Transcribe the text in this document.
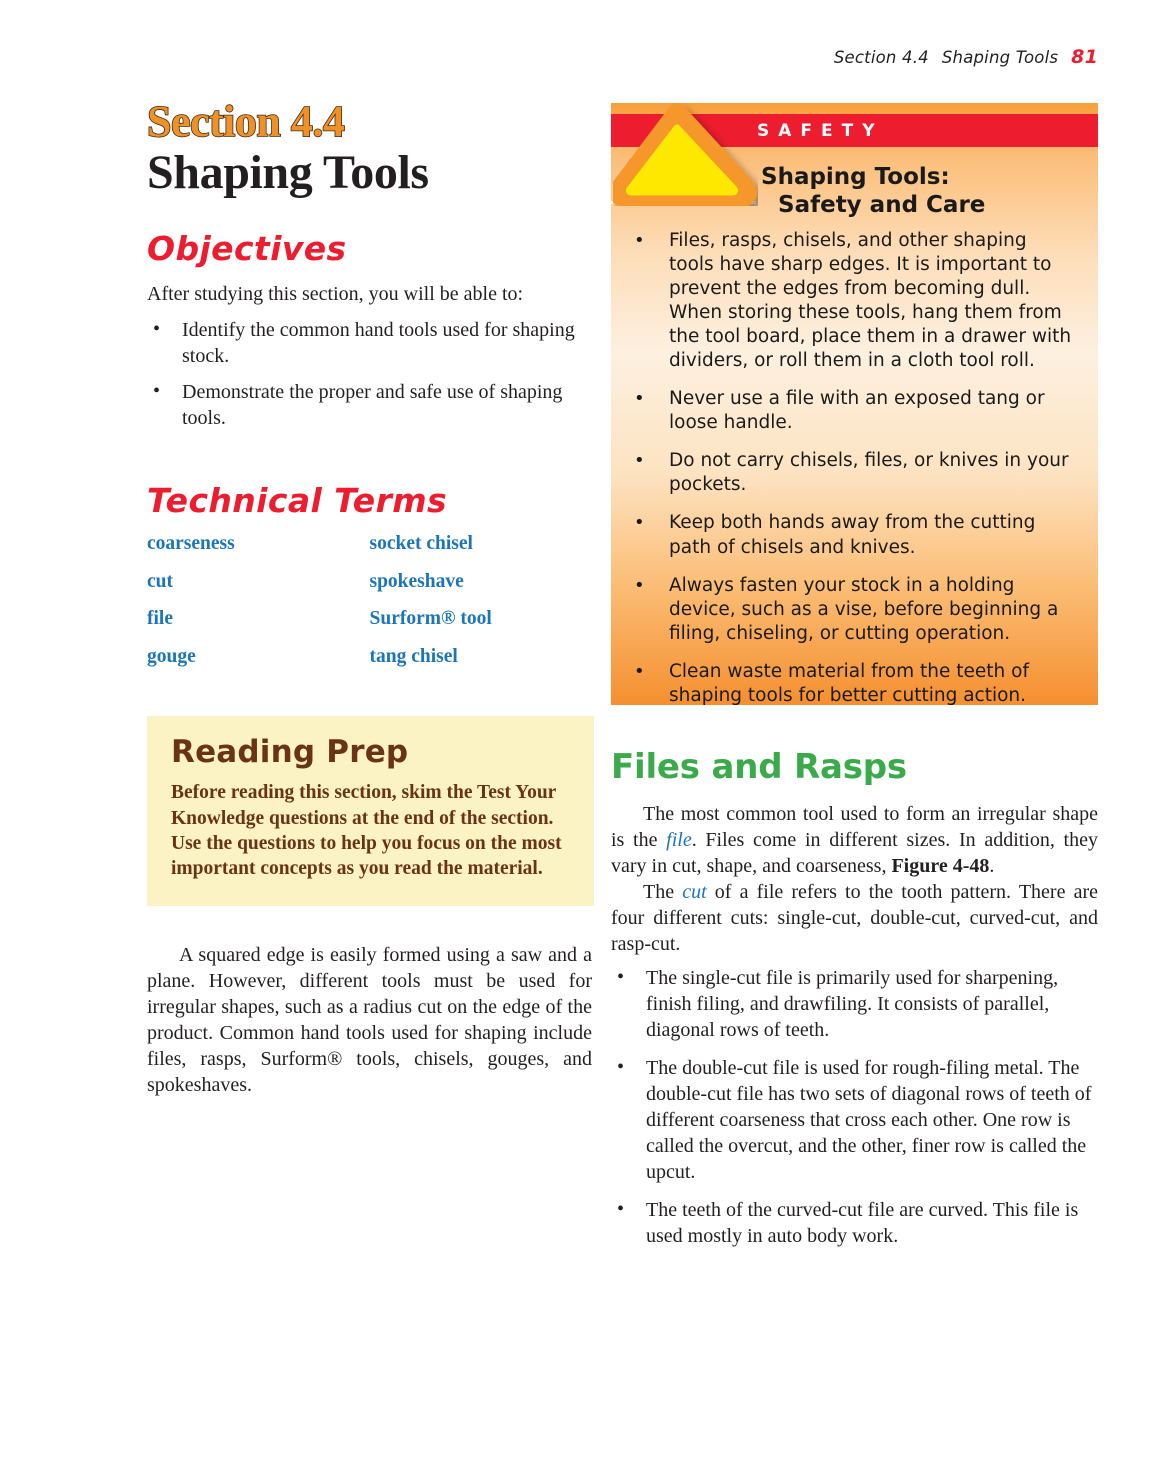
Section 4.4 Shaping Tools 81
Section 4.4
Shaping Tools
Objectives

After studying this section, you will be able to:

• Identify the common hand tools used for shaping stock.
• Demonstrate the proper and safe use of shaping tools.
Technical Terms
coarseness
cut
file
gouge
socket chisel
spokeshave
Surform® tool
tang chisel
Reading Prep

Before reading this section, skim the Test Your Knowledge questions at the end of the section. Use the questions to help you focus on the most important concepts as you read the material.

A squared edge is easily formed using a saw and a plane. However, different tools must be used for irregular shapes, such as a radius cut on the edge of the product. Common hand tools used for shaping include files, rasps, Surform® tools, chisels, gouges, and spokeshaves.

SAFETY
Shaping Tools:
Safety and Care
• Files, rasps, chisels, and other shaping tools have sharp edges. It is important to prevent the edges from becoming dull. When storing these tools, hang them from the tool board, place them in a drawer with dividers, or roll them in a cloth tool roll.
• Never use a file with an exposed tang or loose handle.
• Do not carry chisels, files, or knives in your pockets.
• Keep both hands away from the cutting path of chisels and knives.
• Always fasten your stock in a holding device, such as a vise, before beginning a filing, chiseling, or cutting operation.
• Clean waste material from the teeth of shaping tools for better cutting action.
Files and Rasps

The most common tool used to form an irregular shape is the file. Files come in different sizes. In addition, they vary in cut, shape, and coarseness, Figure 4-48.

The cut of a file refers to the tooth pattern. There are four different cuts: single-cut, double-cut, curved-cut, and rasp-cut.

• The single-cut file is primarily used for sharpening, finish filing, and drawfiling. It consists of parallel, diagonal rows of teeth.
• The double-cut file is used for rough-filing metal. The double-cut file has two sets of diagonal rows of teeth of different coarseness that cross each other. One row is called the overcut, and the other, finer row is called the upcut.
• The teeth of the curved-cut file are curved. This file is used mostly in auto body work.
